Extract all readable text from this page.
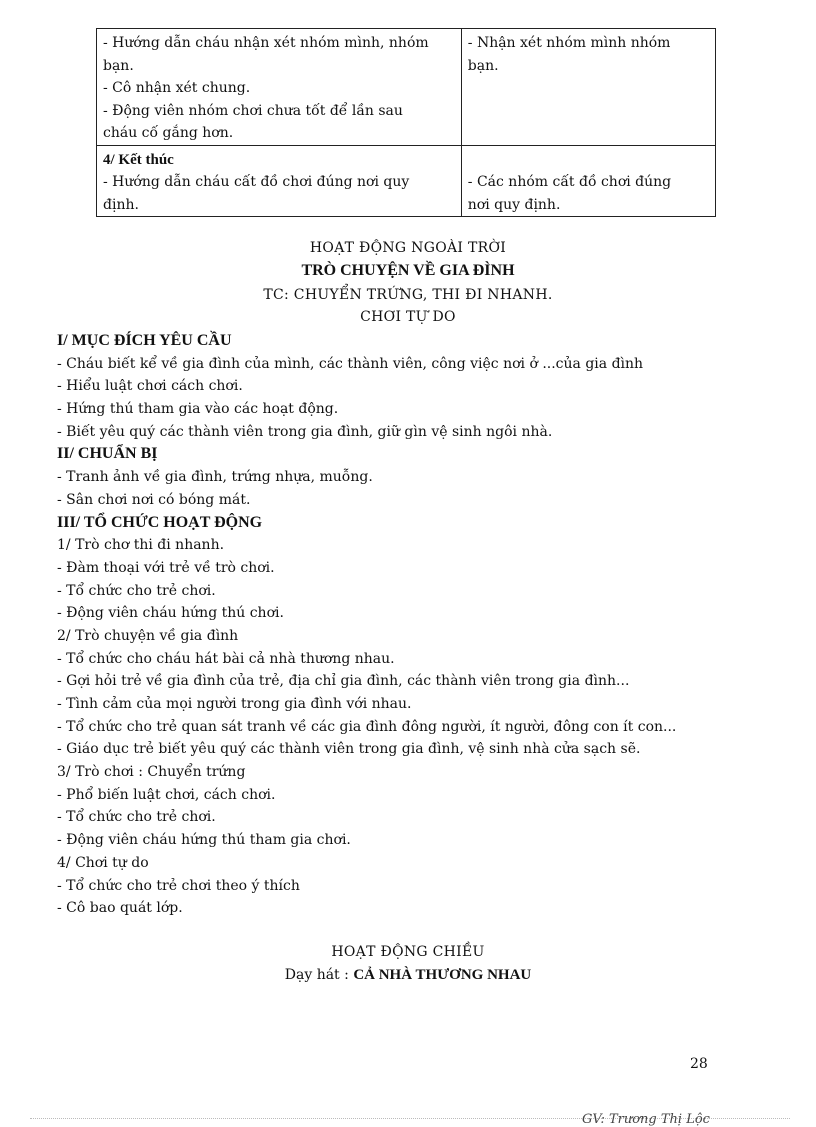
- Hướng dẫn cháu nhận xét nhóm mình, nhóm
bạn.
- Cô nhận xét chung.
- Động viên nhóm chơi chưa tốt để lần sau
cháu cố gắng hơn.	- Nhận xét nhóm mình nhóm
bạn.

4/ Kết thúc
- Hướng dẫn cháu cất đồ chơi đúng nơi quy
định.	- Các nhóm cất đồ chơi đúng
nơi quy định.
HOẠT ĐỘNG NGOÀI TRỜI
TRÒ CHUYỆN VỀ GIA ĐÌNH
TC: CHUYỂN TRỨNG, THI ĐI NHANH.
CHƠI TỰ DO
I/ MỤC ĐÍCH YÊU CẦU
- Cháu biết kể về gia đình của mình, các thành viên, công việc nơi ở ...của gia đình
- Hiểu luật chơi cách chơi.
- Hứng thú tham gia vào các hoạt động.
- Biết yêu quý các thành viên trong gia đình, giữ gìn vệ sinh ngôi nhà.
II/ CHUẨN BỊ
- Tranh ảnh về gia đình, trứng nhựa, muỗng.
- Sân chơi nơi có bóng mát.
III/ TỔ CHỨC HOẠT ĐỘNG
1/ Trò chơ thi đi nhanh.
- Đàm thoại với trẻ về trò chơi.
- Tổ chức cho trẻ chơi.
- Động viên cháu hứng thú chơi.
2/ Trò chuyện về gia đình
- Tổ chức cho cháu hát bài cả nhà thương nhau.
- Gợi hỏi trẻ về gia đình của trẻ, địa chỉ gia đình, các thành viên trong gia đình...
- Tình cảm của mọi người trong gia đình với nhau.
- Tổ chức cho trẻ quan sát tranh về các gia đình đông người, ít người, đông con ít con...
- Giáo dục trẻ biết yêu quý các thành viên trong gia đình, vệ sinh nhà cửa sạch sẽ.
3/ Trò chơi : Chuyển trứng
- Phổ biến luật chơi, cách chơi.
- Tổ chức cho trẻ chơi.
- Động viên cháu hứng thú tham gia chơi.
4/ Chơi tự do
- Tổ chức cho trẻ chơi theo ý thích
- Cô bao quát lớp.
HOẠT ĐỘNG CHIỀU
Dạy hát : CẢ NHÀ THƯƠNG NHAU
28
GV: Trương Thị Lộc
